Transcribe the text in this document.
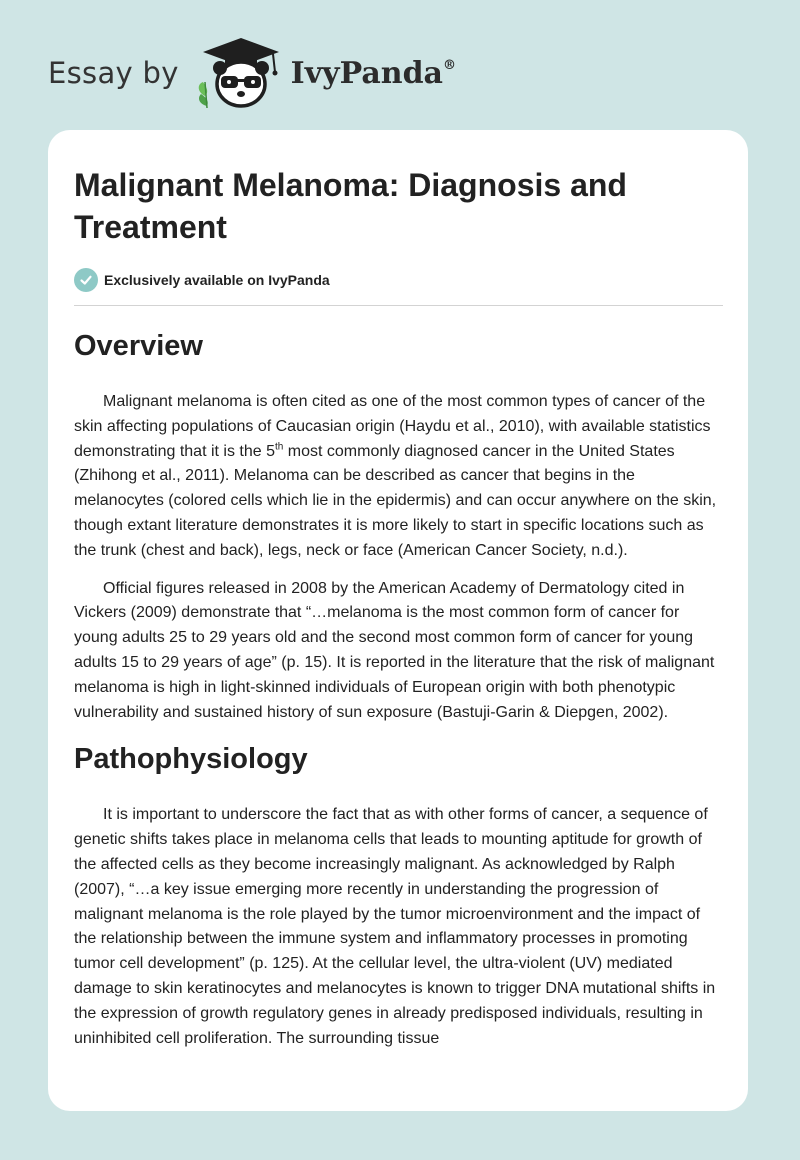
Essay by	IvyPanda®
Malignant Melanoma: Diagnosis and Treatment
Exclusively available on IvyPanda
Overview

Malignant melanoma is often cited as one of the most common types of cancer of the skin affecting populations of Caucasian origin (Haydu et al., 2010), with available statistics demonstrating that it is the 5th most commonly diagnosed cancer in the United States (Zhihong et al., 2011). Melanoma can be described as cancer that begins in the melanocytes (colored cells which lie in the epidermis) and can occur anywhere on the skin, though extant literature demonstrates it is more likely to start in specific locations such as the trunk (chest and back), legs, neck or face (American Cancer Society, n.d.).

Official figures released in 2008 by the American Academy of Dermatology cited in Vickers (2009) demonstrate that “…melanoma is the most common form of cancer for young adults 25 to 29 years old and the second most common form of cancer for young adults 15 to 29 years of age” (p. 15). It is reported in the literature that the risk of malignant melanoma is high in light-skinned individuals of European origin with both phenotypic vulnerability and sustained history of sun exposure (Bastuji-Garin & Diepgen, 2002).

Pathophysiology

It is important to underscore the fact that as with other forms of cancer, a sequence of genetic shifts takes place in melanoma cells that leads to mounting aptitude for growth of the affected cells as they become increasingly malignant. As acknowledged by Ralph (2007), “…a key issue emerging more recently in understanding the progression of malignant melanoma is the role played by the tumor microenvironment and the impact of the relationship between the immune system and inflammatory processes in promoting tumor cell development” (p. 125). At the cellular level, the ultra-violent (UV) mediated damage to skin keratinocytes and melanocytes is known to trigger DNA mutational shifts in the expression of growth regulatory genes in already predisposed individuals, resulting in uninhibited cell proliferation. The surrounding tissue
